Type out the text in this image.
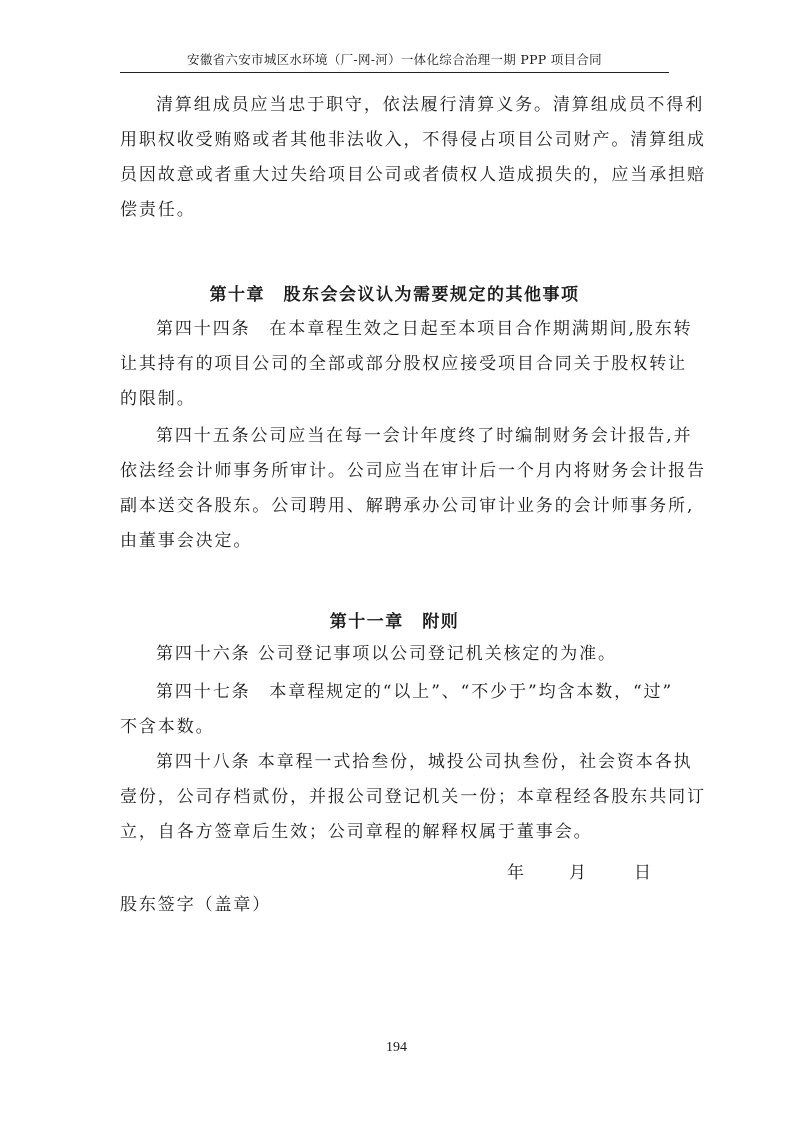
安徽省六安市城区水环境（厂-网-河）一体化综合治理一期 PPP 项目合同
清算组成员应当忠于职守，依法履行清算义务。清算组成员不得利
用职权收受贿赂或者其他非法收入，不得侵占项目公司财产。清算组成
员因故意或者重大过失给项目公司或者债权人造成损失的，应当承担赔
偿责任。
第十章　股东会会议认为需要规定的其他事项
第四十四条　在本章程生效之日起至本项目合作期满期间,股东转
让其持有的项目公司的全部或部分股权应接受项目合同关于股权转让
的限制。
第四十五条公司应当在每一会计年度终了时编制财务会计报告,并
依法经会计师事务所审计。公司应当在审计后一个月内将财务会计报告
副本送交各股东。公司聘用、解聘承办公司审计业务的会计师事务所,
由董事会决定。
第十一章　附则
第四十六条 公司登记事项以公司登记机关核定的为准。
第四十七条　本章程规定的“以上”、“不少于”均含本数，“过”
不含本数。
第四十八条 本章程一式拾叁份，城投公司执叁份，社会资本各执
壹份，公司存档贰份，并报公司登记机关一份；本章程经各股东共同订
立，自各方签章后生效；公司章程的解释权属于董事会。
年	月	日
股东签字（盖章）
194
